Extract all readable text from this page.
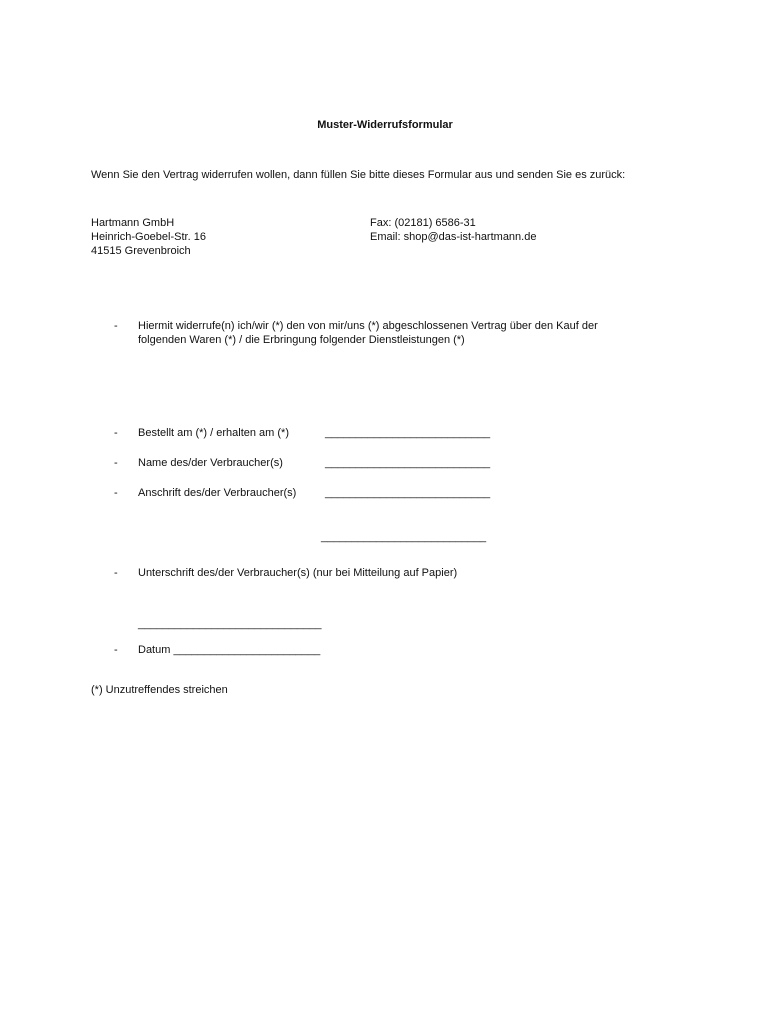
Muster-Widerrufsformular
Wenn Sie den Vertrag widerrufen wollen, dann füllen Sie bitte dieses Formular aus und senden Sie es zurück:
Hartmann GmbH
Heinrich-Goebel-Str. 16
41515 Grevenbroich
Fax: (02181) 6586-31
Email: shop@das-ist-hartmann.de
- Hiermit widerrufe(n) ich/wir (*) den von mir/uns (*) abgeschlossenen Vertrag über den Kauf der
folgenden Waren (*) / die Erbringung folgender Dienstleistungen (*)
- Bestellt am (*) / erhalten am (*)	___________________________
- Name des/der Verbraucher(s)	___________________________
- Anschrift des/der Verbraucher(s)	___________________________
___________________________
- Unterschrift des/der Verbraucher(s) (nur bei Mitteilung auf Papier)
______________________________
- Datum ________________________
(*) Unzutreffendes streichen
